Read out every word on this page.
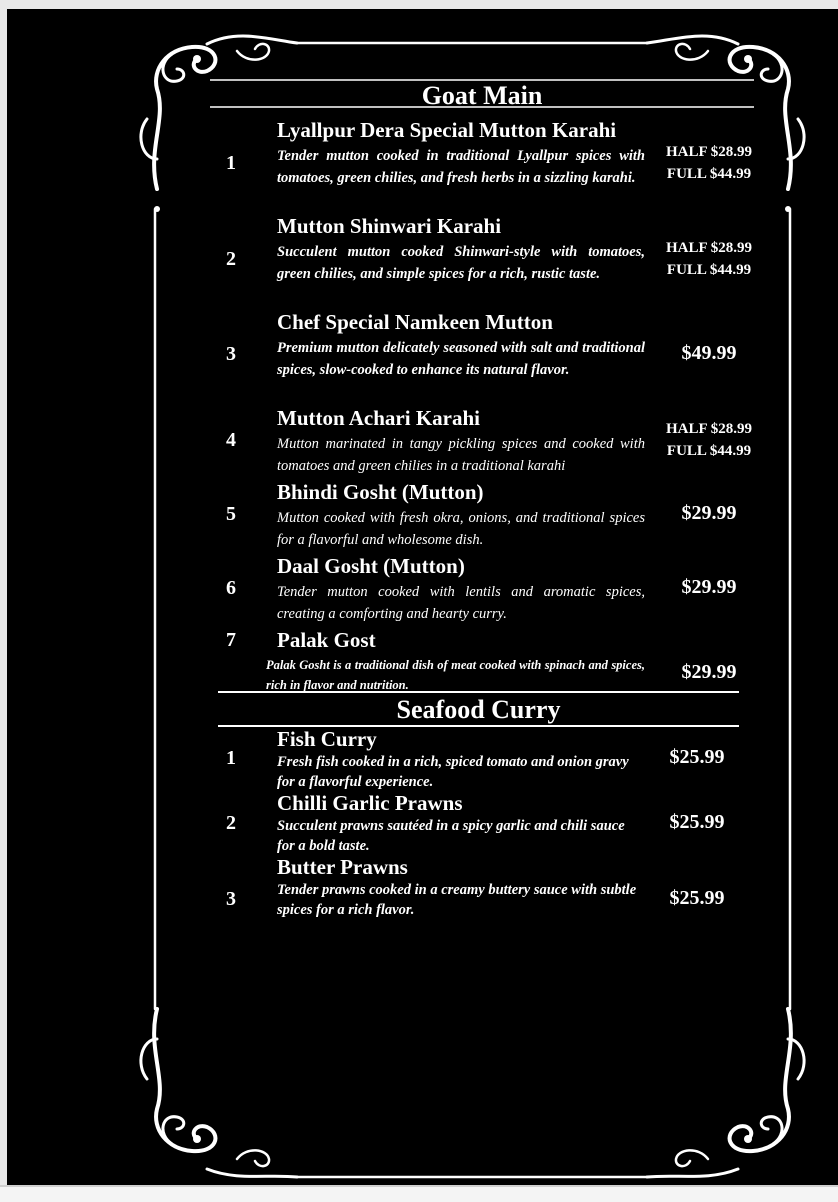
Goat Main
1
Lyallpur Dera Special Mutton Karahi
Tender mutton cooked in traditional Lyallpur spices with tomatoes, green chilies, and fresh herbs in a sizzling karahi.
HALF $28.99
FULL $44.99
2
Mutton Shinwari Karahi
Succulent mutton cooked Shinwari-style with tomatoes, green chilies, and simple spices for a rich, rustic taste.
HALF $28.99
FULL $44.99
3
Chef Special Namkeen Mutton
Premium mutton delicately seasoned with salt and traditional spices, slow-cooked to enhance its natural flavor.
$49.99
4
Mutton Achari Karahi
Mutton marinated in tangy pickling spices and cooked with tomatoes and green chilies in a traditional karahi
HALF $28.99
FULL $44.99
5
Bhindi Gosht (Mutton)
Mutton cooked with fresh okra, onions, and traditional spices for a flavorful and wholesome dish.
$29.99
6
Daal Gosht (Mutton)
Tender mutton cooked with lentils and aromatic spices, creating a comforting and hearty curry.
$29.99
7	Palak Gost
Palak Gosht is a traditional dish of meat cooked with spinach and spices, rich in flavor and nutrition.
$29.99
Seafood Curry
1
Fish Curry
Fresh fish cooked in a rich, spiced tomato and onion gravy for a flavorful experience.
$25.99
2
Chilli Garlic Prawns
Succulent prawns sautéed in a spicy garlic and chili sauce for a bold taste.
$25.99
3
Butter Prawns
Tender prawns cooked in a creamy buttery sauce with subtle spices for a rich flavor.
$25.99
